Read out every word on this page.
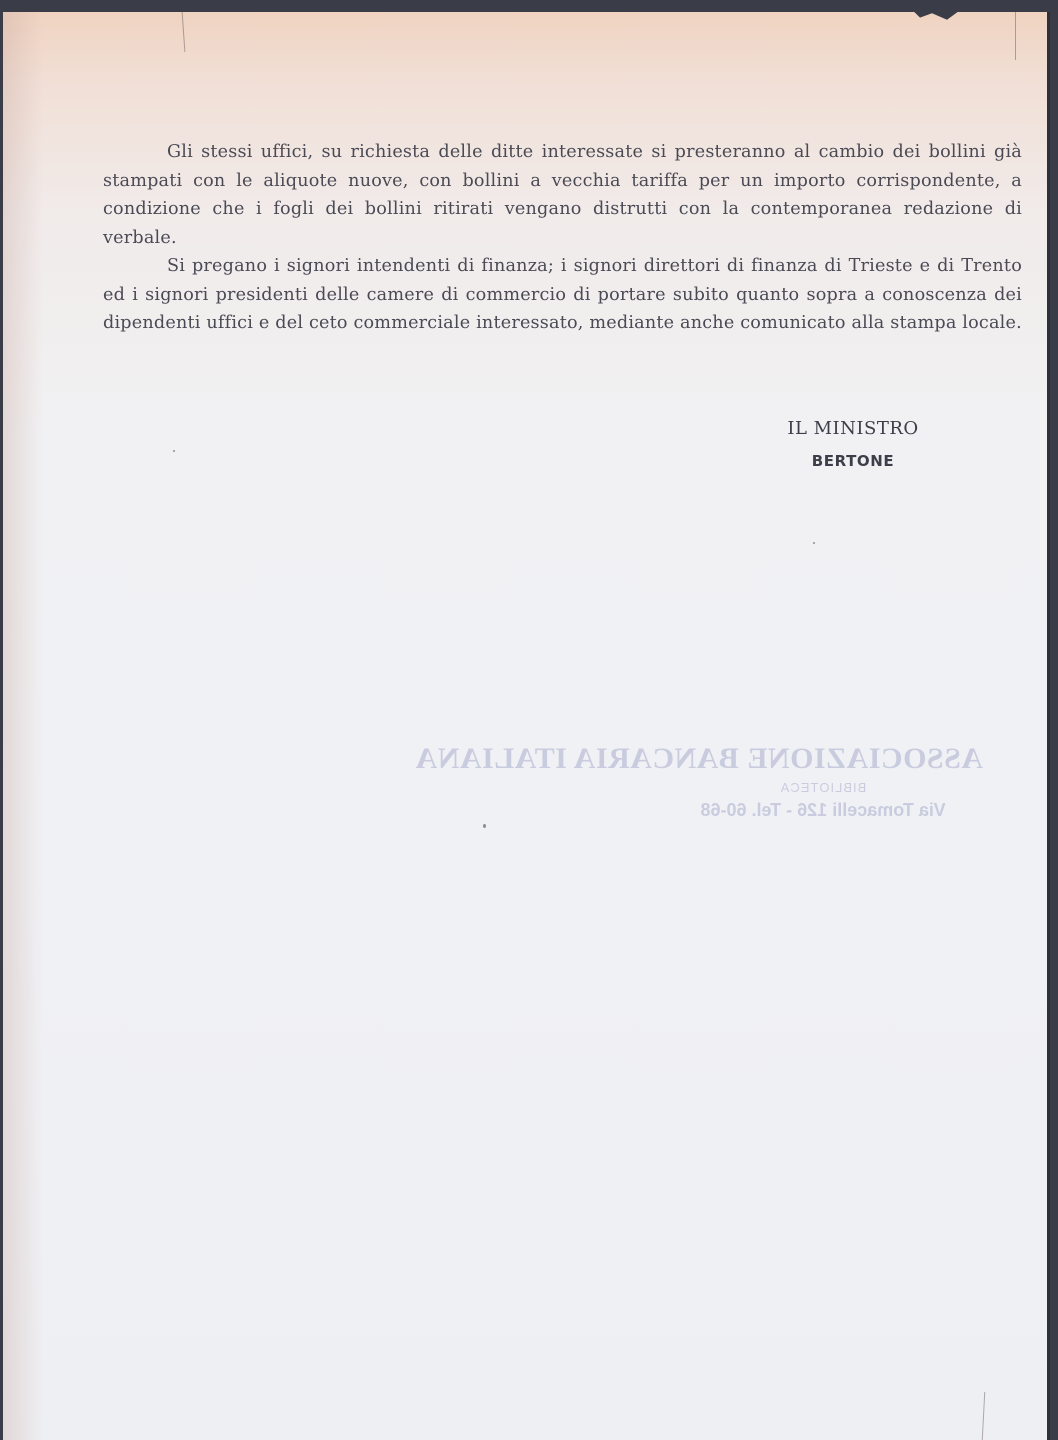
Gli stessi uffici, su richiesta delle ditte interessate si presteranno al cambio dei bollini già stampati con le aliquote nuove, con bollini a vecchia tariffa per un importo corrispondente, a condizione che i fogli dei bollini ritirati vengano distrutti con la contemporanea redazione di verbale.

Si pregano i signori intendenti di finanza; i signori direttori di finanza di Trieste e di Trento ed i signori presidenti delle camere di commercio di portare subito quanto sopra a conoscenza dei dipendenti uffici e del ceto commerciale interessato, mediante anche comunicato alla stampa locale.

IL MINISTRO
BERTONE
ASSOCIAZIONE BANCARIA ITALIANA
BIBLIOTECA
Via Tomacelli 126 - Tel. 60-68
